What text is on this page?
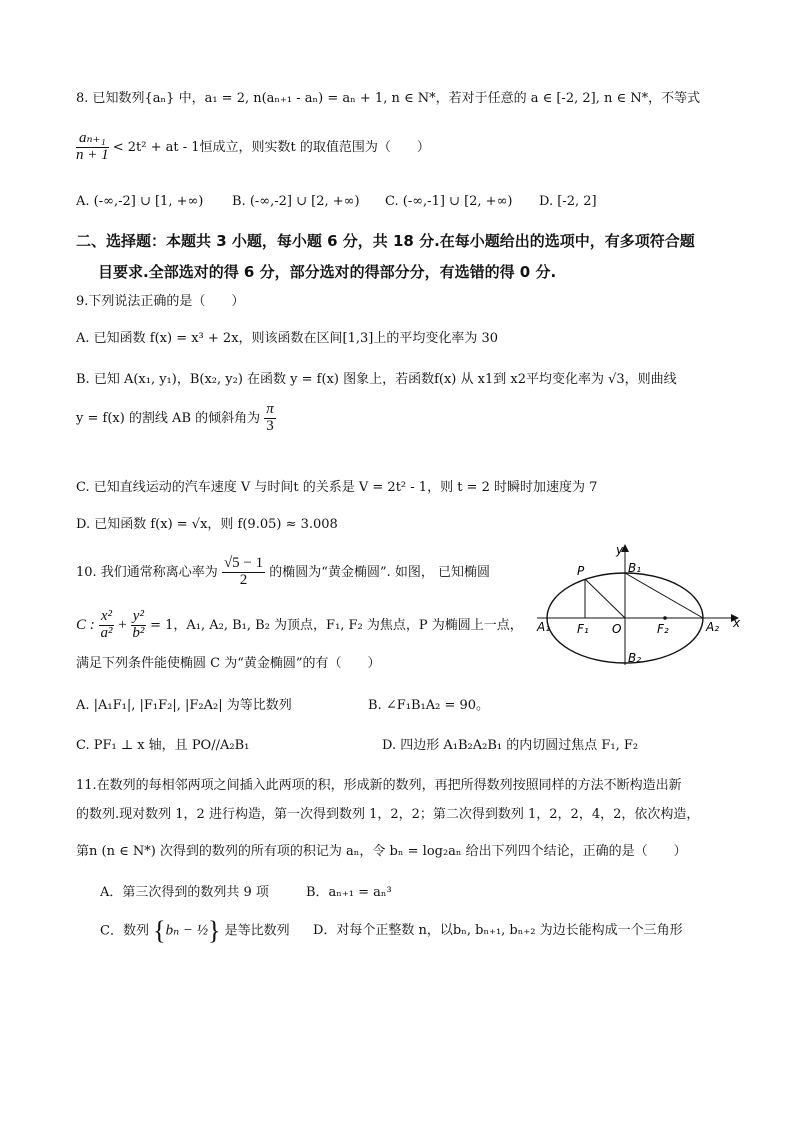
8. 已知数列{aₙ} 中，a₁ = 2, n(aₙ₊₁ - aₙ) = aₙ + 1, n ∈ N*，若对于任意的 a ∈ [-2, 2], n ∈ N*，不等式
$\frac{\text{aₙ₊₁}}{n + 1} < 2t^2$ + at - 1恒成立，则实数t 的取值范围为（　　）
A. (-∞,-2] ∪ [1, +∞) B. (-∞,-2] ∪ [2, +∞) C. (-∞,-1] ∪ [2, +∞) D. [-2, 2]
二、选择题：本题共 3 小题，每小题 6 分，共 18 分.在每小题给出的选项中，有多项符合题
目要求.全部选对的得 6 分，部分选对的得部分分，有选错的得 0 分.
9.下列说法正确的是（　　）
A. 已知函数 f(x) = x³ + 2x，则该函数在区间[1,3]上的平均变化率为 30
B. 已知 A(x₁, y₁)，B(x₂, y₂) 在函数 y = f(x) 图象上，若函数f(x) 从 x1到 x2平均变化率为 √3，则曲线
y = f(x) 的割线 AB 的倾斜角为 $\frac{\pi}{3}$
C. 已知直线运动的汽车速度 V 与时间t 的关系是 V = 2t² - 1，则 t = 2 时瞬时加速度为 7
D. 已知函数 f(x) = √x，则 f(9.05) ≈ 3.008
10. 我们通常称离心率为 $\frac{√5 - 1}{2}$ 的椭圆为“黄金椭圆”. 如图， 已知椭圆
C : $\frac{\text{x²}}{\text{a²}} + \frac{\text{y²}}{\text{b²}} = 1$，A₁, A₂, B₁, B₂ 为顶点，F₁, F₂ 为焦点，P 为椭圆上一点，
满足下列条件能使椭圆 C 为“黄金椭圆”的有（　　）
A. |A₁F₁|, |F₁F₂|, |F₂A₂| 为等比数列	B. ∠F₁B₁A₂ = 90。
C. PF₁ ⊥ x 轴，且 PO//A₂B₁	D. 四边形 A₁B₂A₂B₁ 的内切圆过焦点 F₁, F₂
y
x
P	B₁
B₂
A₁	A₂
F₁	F₂
O
11.在数列的每相邻两项之间插入此两项的积，形成新的数列，再把所得数列按照同样的方法不断构造出新
的数列.现对数列 1，2 进行构造，第一次得到数列 1，2，2；第二次得到数列 1，2，2，4，2，依次构造，
第n (n ∈ N*) 次得到的数列的所有项的积记为 aₙ，令 bₙ = log₂aₙ 给出下列四个结论，正确的是（　　）
A．第三次得到的数列共 9 项	B．aₙ₊₁ = aₙ³
C．数列 {bₙ − ½} 是等比数列 D．对每个正整数 n，以bₙ, bₙ₊₁, bₙ₊₂ 为边长能构成一个三角形
